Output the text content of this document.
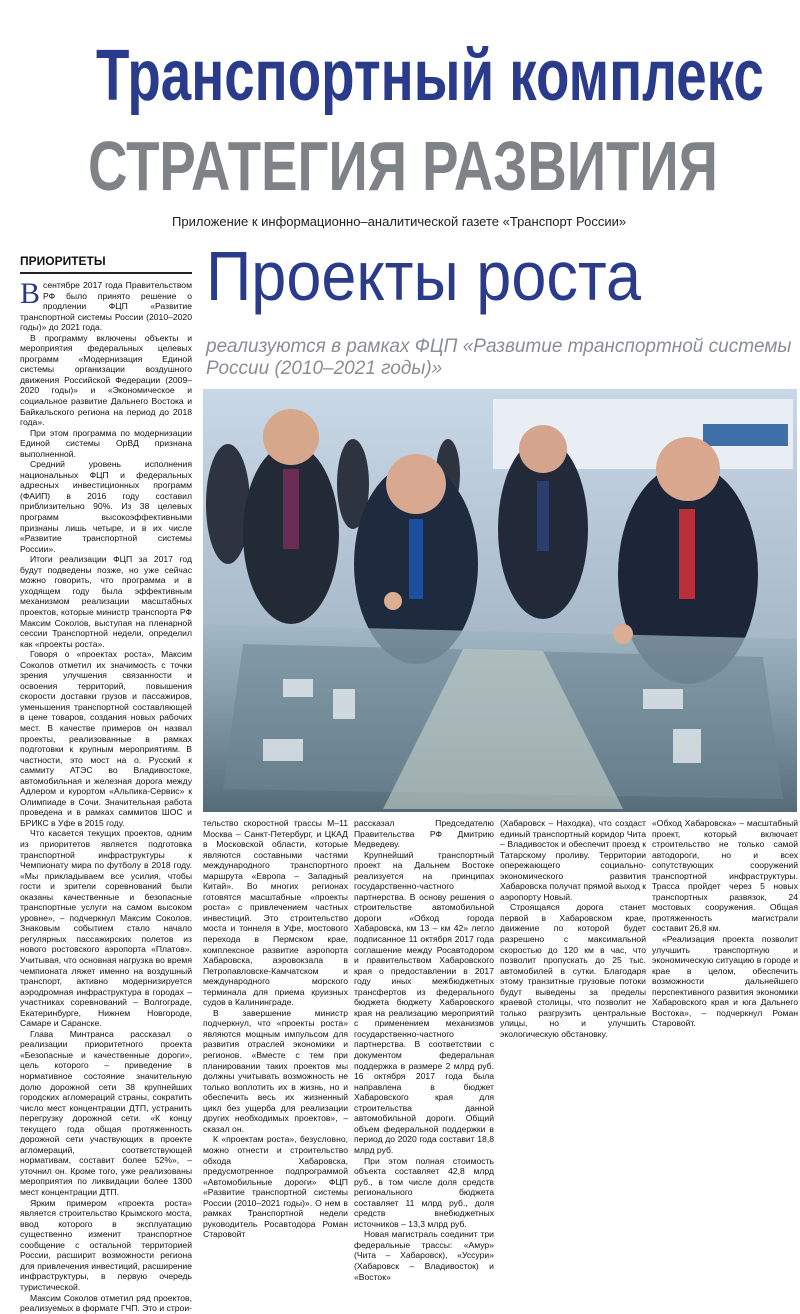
Транспортный комплекс
СТРАТЕГИЯ РАЗВИТИЯ
Приложение к информационно–аналитической газете «Транспорт России»
ПРИОРИТЕТЫ Проекты роста
реализуются в рамках ФЦП «Развитие транспортной системы России (2010–2021 годы)»

Всентябре 2017 года Правительством РФ было принято решение о продлении ФЦП «Развитие транспортной системы России (2010–2020 годы)» до 2021 года.

В программу включены объекты и мероприятия федеральных целевых программ «Модернизация Единой системы организации воздушного движения Российской Федерации (2009–2020 годы)» и «Экономическое и социальное развитие Дальнего Востока и Байкальского региона на период до 2018 года».

При этом программа по модернизации Единой системы ОрВД признана выполненной.

Средний уровень исполнения национальных ФЦП и федеральных адресных инвестиционных программ (ФАИП) в 2016 году составил приблизительно 90%. Из 38 целевых программ высокоэффективными признаны лишь четыре, и в их числе «Развитие транспортной системы России».

Итоги реализации ФЦП за 2017 год будут подведены позже, но уже сейчас можно говорить, что программа и в уходящем году была эффективным механизмом реализации масштабных проектов, которые министр транспорта РФ Максим Соколов, выступая на пленарной сессии Транспортной недели, определил как «проекты роста».

Говоря о «проектах роста», Максим Соколов отметил их значимость с точки зрения улучшения связанности и освоения территорий, повышения скорости доставки грузов и пассажиров, уменьшения транспортной составляющей в цене товаров, создания новых рабочих мест. В качестве примеров он назвал проекты, реализованные в рамках подготовки к крупным мероприятиям. В частности, это мост на о. Русский к саммиту АТЭС во Владивостоке, автомобильная и железная дорога между Адлером и курортом «Альпика-Сервис» к Олимпиаде в Сочи. Значительная работа проведена и в рамках саммитов ШОС и БРИКС в Уфе в 2015 году.

Что касается текущих проектов, одним из приоритетов является подготовка транспортной инфраструктуры к Чемпионату мира по футболу в 2018 году. «Мы прикладываем все усилия, чтобы гости и зрители соревнований были оказаны качественные и безопасные транспортные услуги на самом высоком уровне», – подчеркнул Максим Соколов. Знаковым событием стало начало регулярных пассажирских полетов из нового ростовского аэропорта «Платов». Учитывая, что основная нагрузка во время чемпионата ляжет именно на воздушный транспорт, активно модернизируется аэродромная инфраструктура в городах – участниках соревнований – Волгограде, Екатеринбурге, Нижнем Новгороде, Самаре и Саранске.

Глава Минтранса рассказал о реализации приоритетного проекта «Безопасные и качественные дороги», цель которого – приведение в нормативное состояние значительную долю дорожной сети 38 крупнейших городских агломераций страны, сократить число мест концентрации ДТП, устранить перегрузку дорожной сети. «К концу текущего года общая протяженность дорожной сети участвующих в проекте агломераций, соответствующей нормативам, составит более 52%», – уточнил он. Кроме того, уже реализованы мероприятия по ликвидации более 1300 мест концентрации ДТП.

Ярким примером «проекта роста» является строительство Крымского моста, ввод которого в эксплуатацию существенно изменит транспортное сообщение с остальной территорией России, расширит возможности региона для привлечения инвестиций, расширение инфраструктуры, в первую очередь туристической.

Максим Соколов отметил ряд проектов, реализуемых в формате ГЧП. Это и строи-

тельство скоростной трассы М–11 Москва – Санкт-Петербург, и ЦКАД в Московской области, которые являются составными частями международного транспортного маршрута «Европа – Западный Китай». Во многих регионах готовятся масштабные «проекты роста» с привлечением частных инвестиций. Это строительство моста и тоннеля в Уфе, мостового перехода в Пермском крае, комплексное развитие аэропорта Хабаровска, аэровокзала в Петропавловске-Камчатском и международного морского терминала для приема круизных судов в Калининграде.

В завершение министр подчеркнул, что «проекты роста» являются мощным импульсом для развития отраслей экономики и регионов. «Вместе с тем при планировании таких проектов мы должны учитывать возможность не только воплотить их в жизнь, но и обеспечить весь их жизненный цикл без ущерба для реализации других необходимых проектов», – сказал он.

К «проектам роста», безусловно, можно отнести и строительство обхода Хабаровска, предусмотренное подпрограммой «Автомобильные дороги» ФЦП «Развитие транспортной системы России (2010–2021 годы)». О нем в рамках Транспортной недели руководитель Росавтодора Роман Старовойт

рассказал Председателю Правительства РФ Дмитрию Медведеву.

Крупнейший транспортный проект на Дальнем Востоке реализуется на принципах государственно-частного партнерства. В основу решения о строительстве автомобильной дороги «Обход города Хабаровска, км 13 – км 42» легло подписанное 11 октября 2017 года соглашение между Росавтодором и правительством Хабаровского края о предоставлении в 2017 году иных межбюджетных трансфертов из федерального бюджета бюджету Хабаровского края на реализацию мероприятий с применением механизмов государственно-частного партнерства. В соответствии с документом федеральная поддержка в размере 2 млрд руб. 16 октября 2017 года была направлена в бюджет Хабаровского края для строительства данной автомобильной дороги. Общий объем федеральной поддержки в период до 2020 года составит 18,8 млрд руб.

При этом полная стоимость объекта составляет 42,8 млрд руб., в том числе доля средств регионального бюджета составляет 11 млрд руб., доля средств внебюджетных источников – 13,3 млрд руб.

Новая магистраль соединит три федеральные трассы: «Амур» (Чита – Хабаровск), «Уссури» (Хабаровск – Владивосток) и «Восток»

(Хабаровск – Находка), что создаст единый транспортный коридор Чита – Владивосток и обеспечит проезд к Татарскому проливу. Территории опережающего социально-экономического развития Хабаровска получат прямой выход к аэропорту Новый.

Строящаяся дорога станет первой в Хабаровском крае, движение по которой будет разрешено с максимальной скоростью до 120 км в час, что позволит пропускать до 25 тыс. автомобилей в сутки. Благодаря этому транзитные грузовые потоки будут выведены за пределы краевой столицы, что позволит не только разгрузить центральные улицы, но и улучшить экологическую обстановку.

«Обход Хабаровска» – масштабный проект, который включает строительство не только самой автодороги, но и всех сопутствующих сооружений транспортной инфраструктуры. Трасса пройдет через 5 новых транспортных развязок, 24 мостовых сооружения. Общая протяженность магистрали составит 26,8 км.

«Реализация проекта позволит улучшить транспортную и экономическую ситуацию в городе и крае в целом, обеспечить возможности дальнейшего перспективного развития экономики Хабаровского края и юга Дальнего Востока», – подчеркнул Роман Старовойт.
